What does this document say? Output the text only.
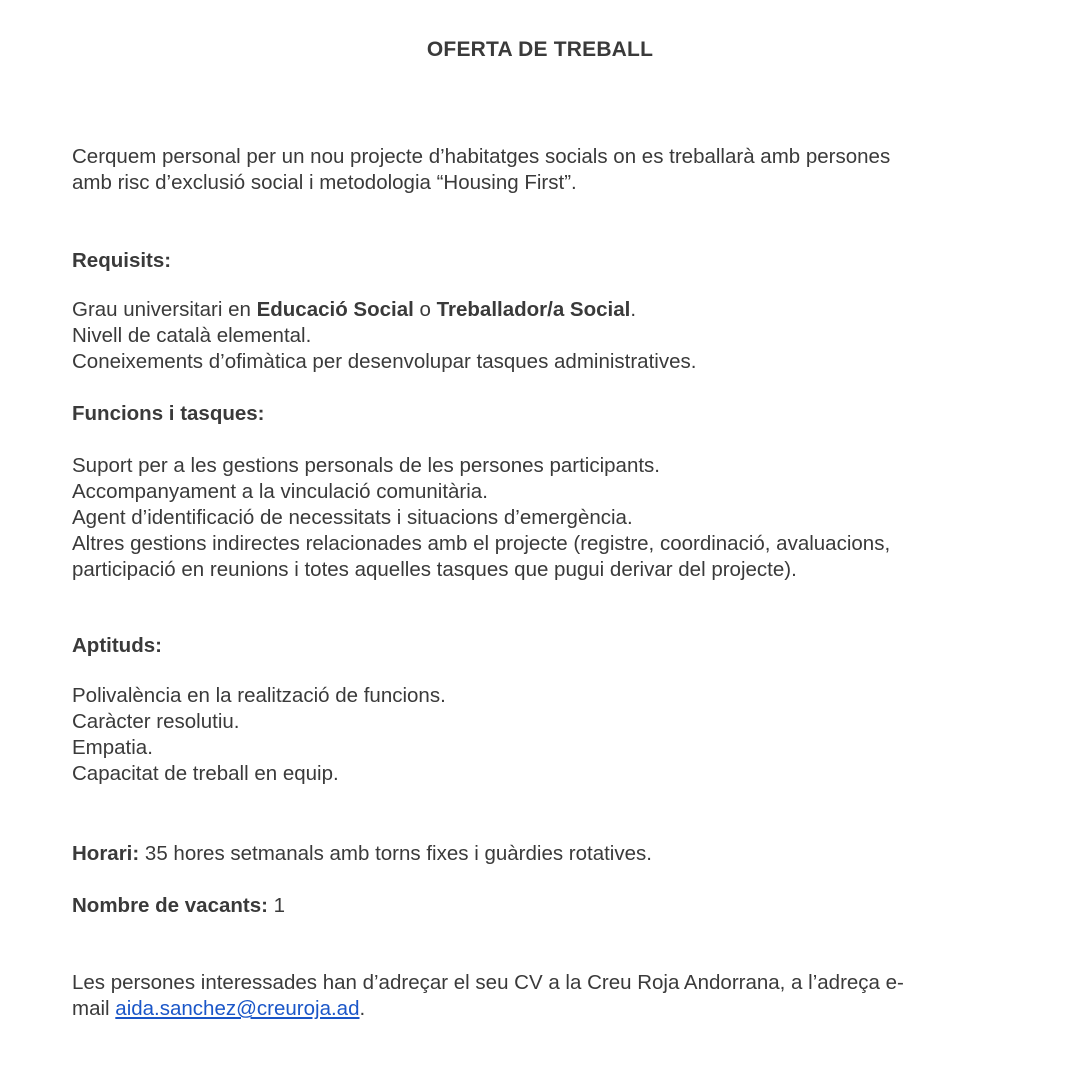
OFERTA DE TREBALL
Cerquem personal per un nou projecte d’habitatges socials on es treballarà amb persones
amb risc d’exclusió social i metodologia “Housing First”.
Requisits:
Grau universitari en Educació Social o Treballador/a Social.
Nivell de català elemental.
Coneixements d’ofimàtica per desenvolupar tasques administratives.
Funcions i tasques:
Suport per a les gestions personals de les persones participants.
Accompanyament a la vinculació comunitària.
Agent d’identificació de necessitats i situacions d’emergència.
Altres gestions indirectes relacionades amb el projecte (registre, coordinació, avaluacions,
participació en reunions i totes aquelles tasques que pugui derivar del projecte).
Aptituds:
Polivalència en la realització de funcions.
Caràcter resolutiu.
Empatia.
Capacitat de treball en equip.
Horari: 35 hores setmanals amb torns fixes i guàrdies rotatives.
Nombre de vacants: 1
Les persones interessades han d’adreçar el seu CV a la Creu Roja Andorrana, a l’adreça e-
mail aida.sanchez@creuroja.ad.
